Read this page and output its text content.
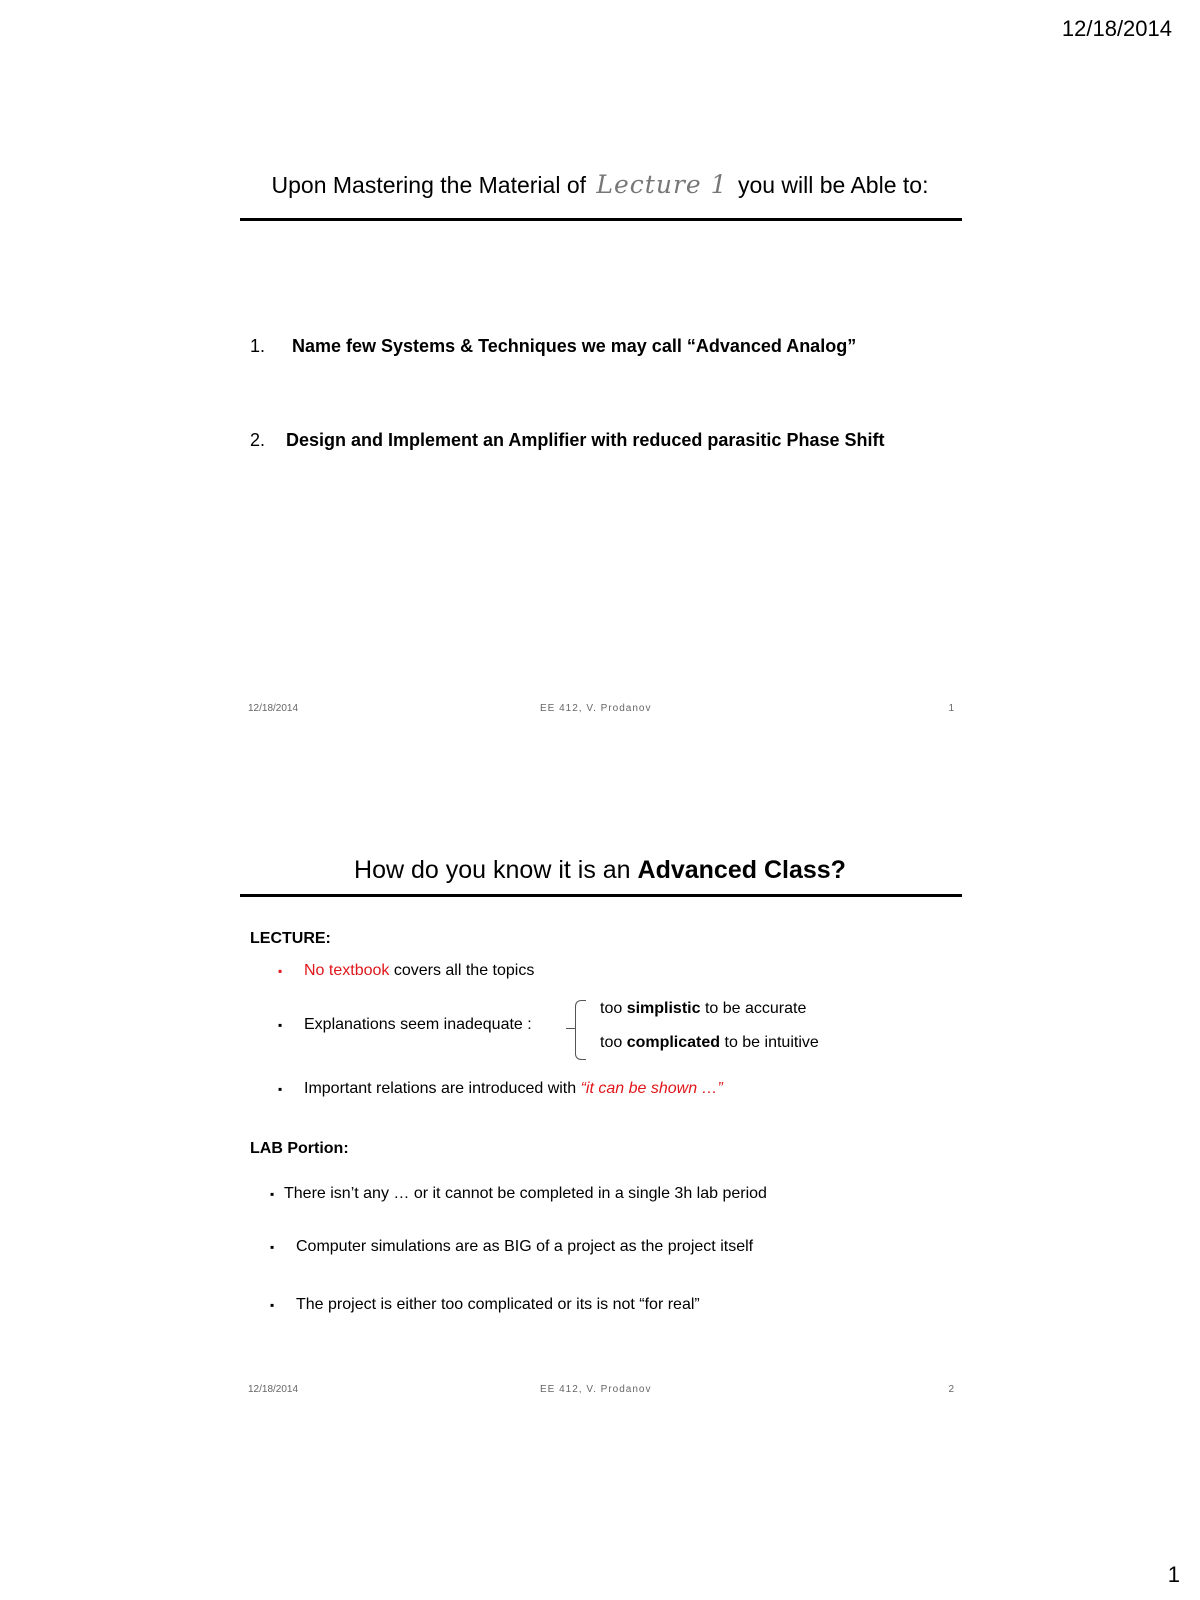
12/18/2014
Upon Mastering the Material of Lecture 1 you will be Able to:
1. Name few Systems & Techniques we may call “Advanced Analog”
2. Design and Implement an Amplifier with reduced parasitic Phase Shift
12/18/2014	EE 412, V. Prodanov	1
How do you know it is an Advanced Class?
LECTURE:
▪ No textbook covers all the topics
▪ Explanations seem inadequate :
too simplistic to be accurate
too complicated to be intuitive
▪ Important relations are introduced with “it can be shown …”
LAB Portion:
▪ There isn’t any … or it cannot be completed in a single 3h lab period
▪ Computer simulations are as BIG of a project as the project itself
▪ The project is either too complicated or its is not “for real”
12/18/2014	EE 412, V. Prodanov	2
1
